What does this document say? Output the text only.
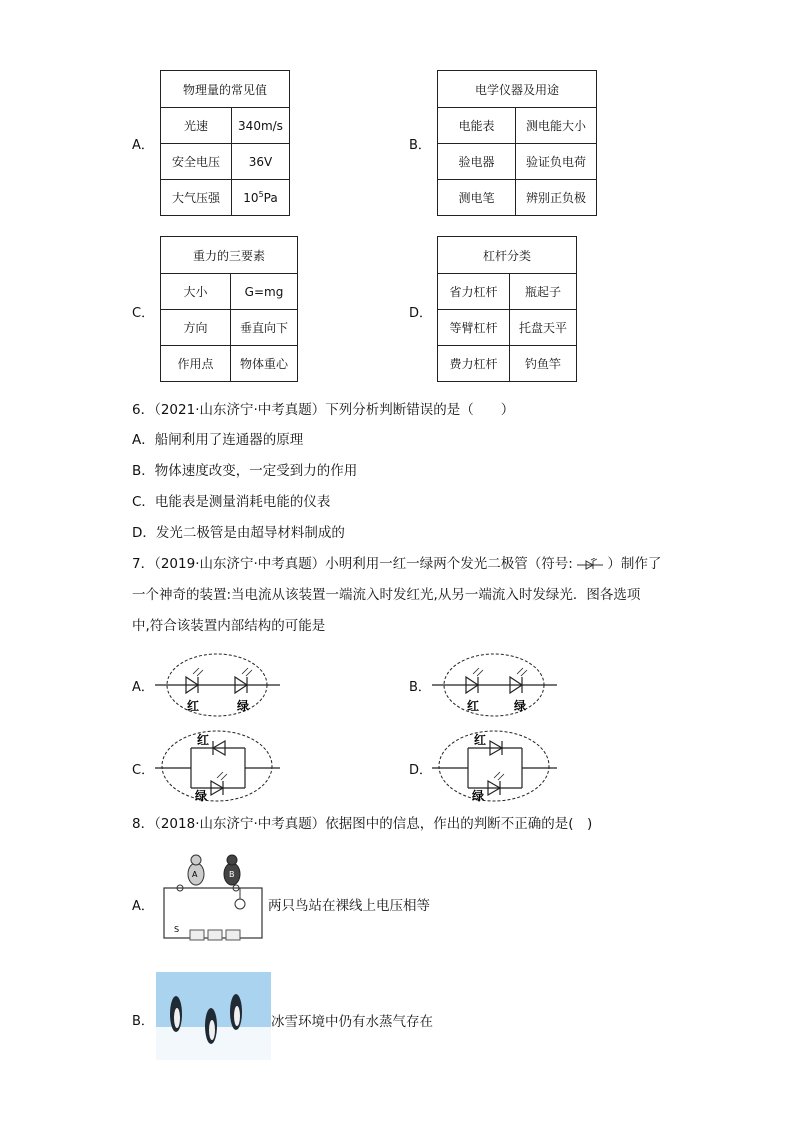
A．
物理量的常见值	
光速	340m/s
安全电压	36V
大气压强	$10^5Pa$
B．
电学仪器及用途	
电能表	测电能大小
验电器	验证负电荷
测电笔	辨别正负极
C．
重力的三要素	
大小	G=mg
方向	垂直向下
作用点	物体重心
D．
杠杆分类	
省力杠杆	瓶起子
等臂杠杆	托盘天平
费力杠杆	钓鱼竿
6．（2021·山东济宁·中考真题）下列分析判断错误的是（　　）
A．船闸利用了连通器的原理
B．物体速度改变，一定受到力的作用
C．电能表是测量消耗电能的仪表
D．发光二极管是由超导材料制成的
7．（2019·山东济宁·中考真题）小明利用一红一绿两个发光二极管（符号:	）制作了
一个神奇的装置:当电流从该装置一端流入时发红光,从另一端流入时发绿光．图各选项
中,符合该装置内部结构的可能是
A．
红	绿
B．
红	绿
C．
红
绿
D．
红
绿
8．（2018·山东济宁·中考真题）依据图中的信息，作出的判断不正确的是(　)
A．
A	B
S
两只鸟站在裸线上电压相等
B．	冰雪环境中仍有水蒸气存在
